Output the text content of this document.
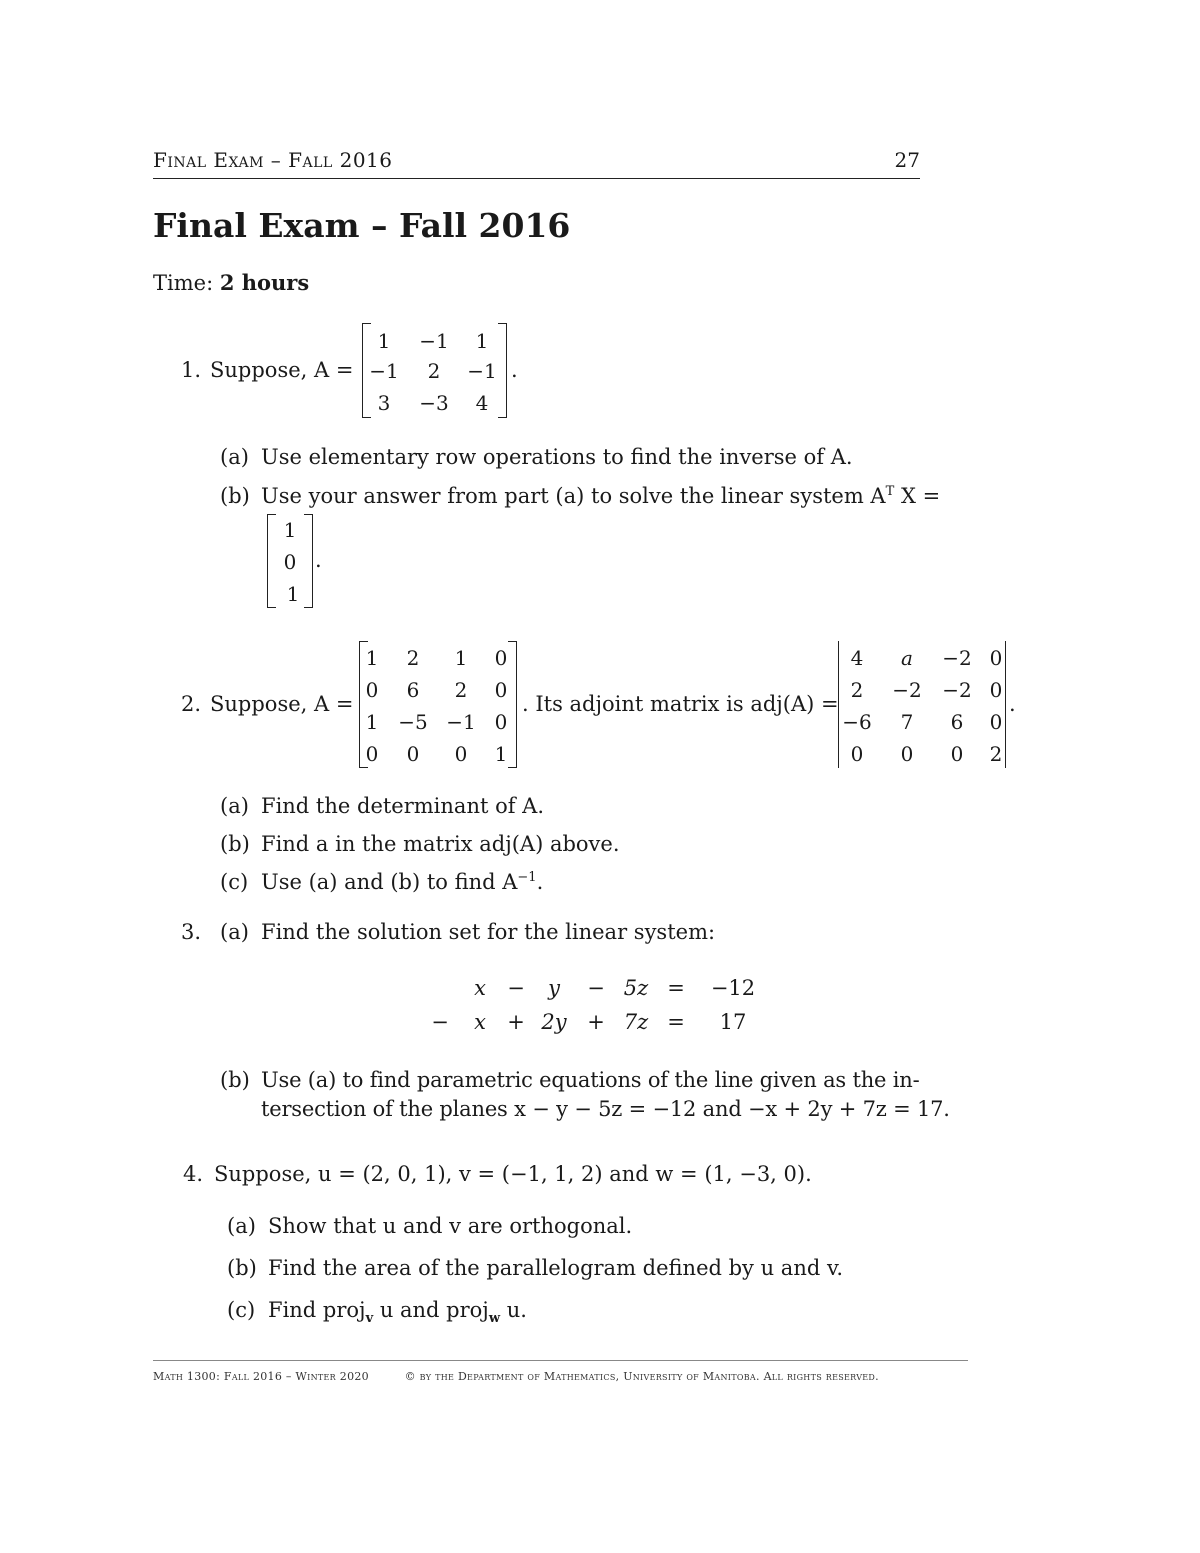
Final Exam – Fall 2016	27
Final Exam – Fall 2016
Time: 2 hours
1. Suppose, A =
1	−1	1
−1	2	−1
3	−3	4
.
(a) Use elementary row operations to find the inverse of A.
(b) Use your answer from part (a) to solve the linear system $A^T$ X =
1
0
1
.
2. Suppose, A =
1	2	1	0
0	6	2	0
1 −5 −1 0
0	0	0	1
. Its adjoint matrix is adj(A) =
4	a	−2 0
2	−2	−2 0
−6	7	6	0
0	0	0	2
.
(a) Find the determinant of A.
(b) Find a in the matrix adj(A) above.
(c) Use (a) and (b) to find $A^{-1}$.
3. (a) Find the solution set for the linear system:
x	−	y	− 5z =	−12
−	x	+ 2y + 7z =	17
(b) Use (a) to find parametric equations of the line given as the in-
tersection of the planes x − y − 5z = −12 and −x + 2y + 7z = 17.
4. Suppose, u = (2, 0, 1), v = (−1, 1, 2) and w = (1, −3, 0).
(a) Show that u and v are orthogonal.
(b) Find the area of the parallelogram defined by u and v.
(c) Find proj$_v$ u and proj$_w$ u.
Math 1300: Fall 2016 – Winter 2020	© by the Department of Mathematics, University of Manitoba. All rights reserved.
